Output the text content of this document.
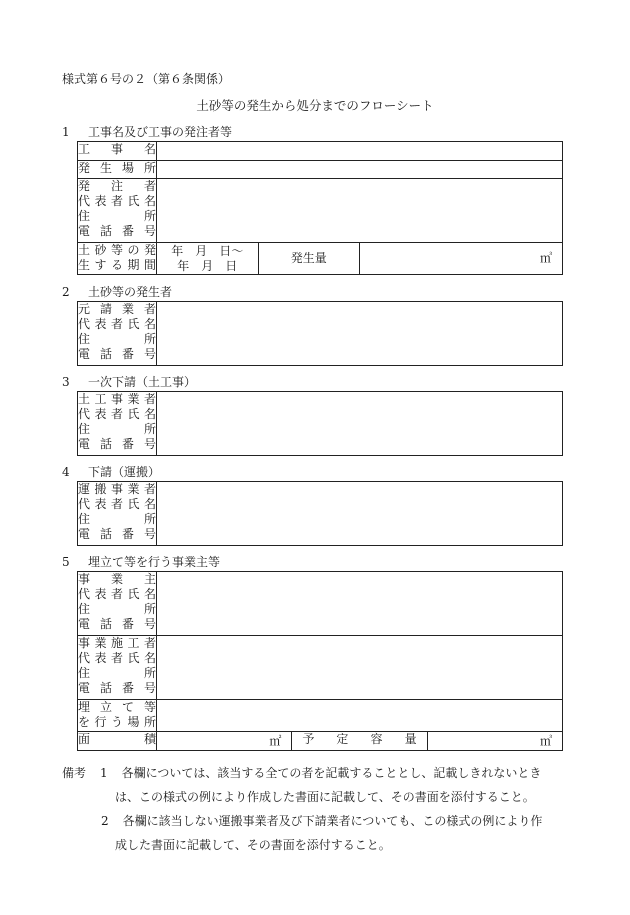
様式第６号の２（第６条関係）
土砂等の発生から処分までのフローシート
1 工事名及び工事の発注者等
工事名			

発生場所			

発注者
代表者氏名
住所
電話番号			

土砂等の発
生する期間	年　月　日～　　年　月　日	発生量	㎥
2 土砂等の発生者
元請業者
代表者氏名
住所
電話番号

3 一次下請（土工事）
土工事業者
代表者氏名
住所
電話番号

4 下請（運搬）
運搬事業者
代表者氏名
住所
電話番号

5 埋立て等を行う事業主等
事業主
代表者氏名
住所
電話番号			

事業施工者
代表者氏名
住所
電話番号			

埋立て等
を行う場所			

面積	㎡	予定容量	㎥
備考 1 各欄については、該当する全ての者を記載することとし、記載しきれないとき
は、この様式の例により作成した書面に記載して、その書面を添付すること。
2 各欄に該当しない運搬事業者及び下請業者についても、この様式の例により作
成した書面に記載して、その書面を添付すること。
